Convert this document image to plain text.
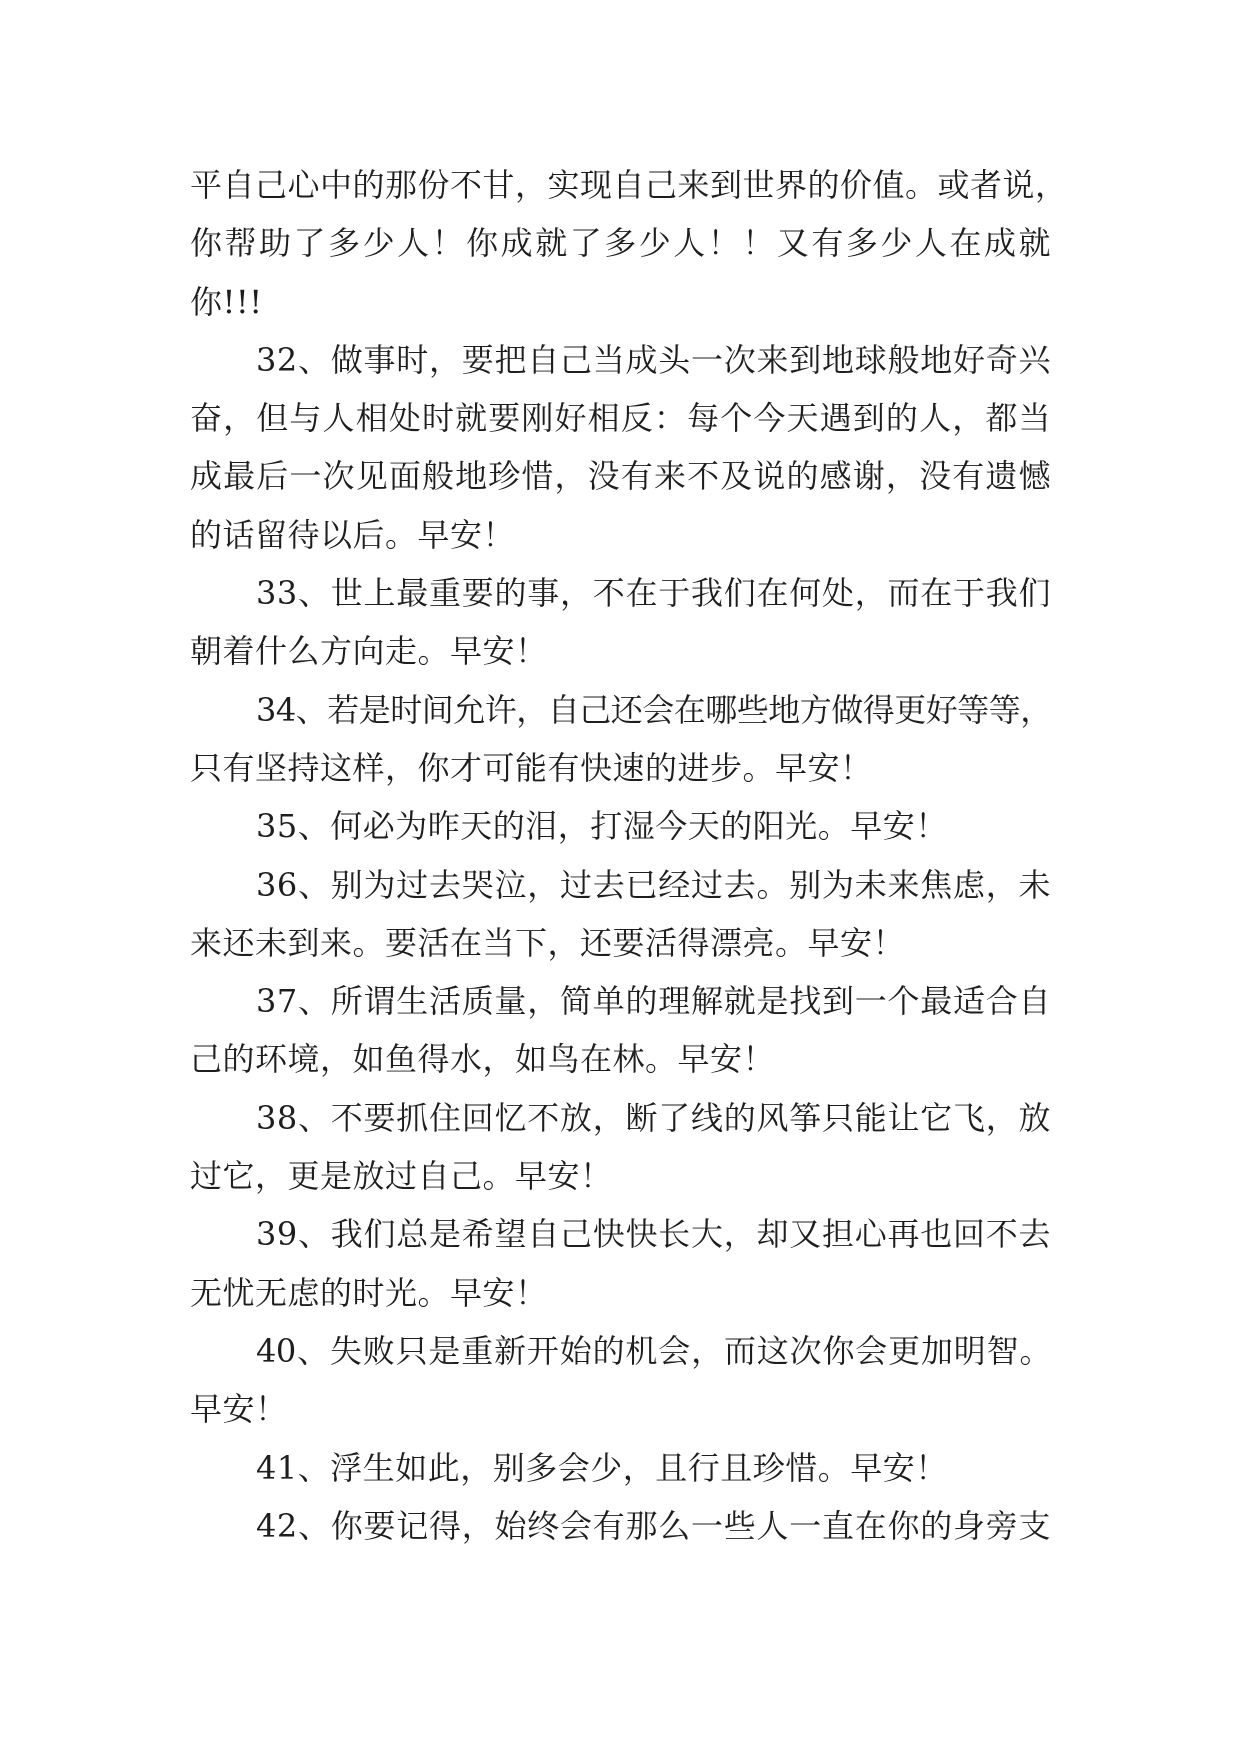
平自己心中的那份不甘，实现自己来到世界的价值。或者说，
你帮助了多少人！你成就了多少人！！又有多少人在成就
你!!!
32、做事时，要把自己当成头一次来到地球般地好奇兴
奋，但与人相处时就要刚好相反：每个今天遇到的人，都当
成最后一次见面般地珍惜，没有来不及说的感谢，没有遗憾
的话留待以后。早安！
33、世上最重要的事，不在于我们在何处，而在于我们
朝着什么方向走。早安！
34、若是时间允许，自己还会在哪些地方做得更好等等，
只有坚持这样，你才可能有快速的进步。早安！
35、何必为昨天的泪，打湿今天的阳光。早安！
36、别为过去哭泣，过去已经过去。别为未来焦虑，未
来还未到来。要活在当下，还要活得漂亮。早安！
37、所谓生活质量，简单的理解就是找到一个最适合自
己的环境，如鱼得水，如鸟在林。早安！
38、不要抓住回忆不放，断了线的风筝只能让它飞，放
过它，更是放过自己。早安！
39、我们总是希望自己快快长大，却又担心再也回不去
无忧无虑的时光。早安！
40、失败只是重新开始的机会，而这次你会更加明智。
早安！
41、浮生如此，别多会少，且行且珍惜。早安！
42、你要记得，始终会有那么一些人一直在你的身旁支
